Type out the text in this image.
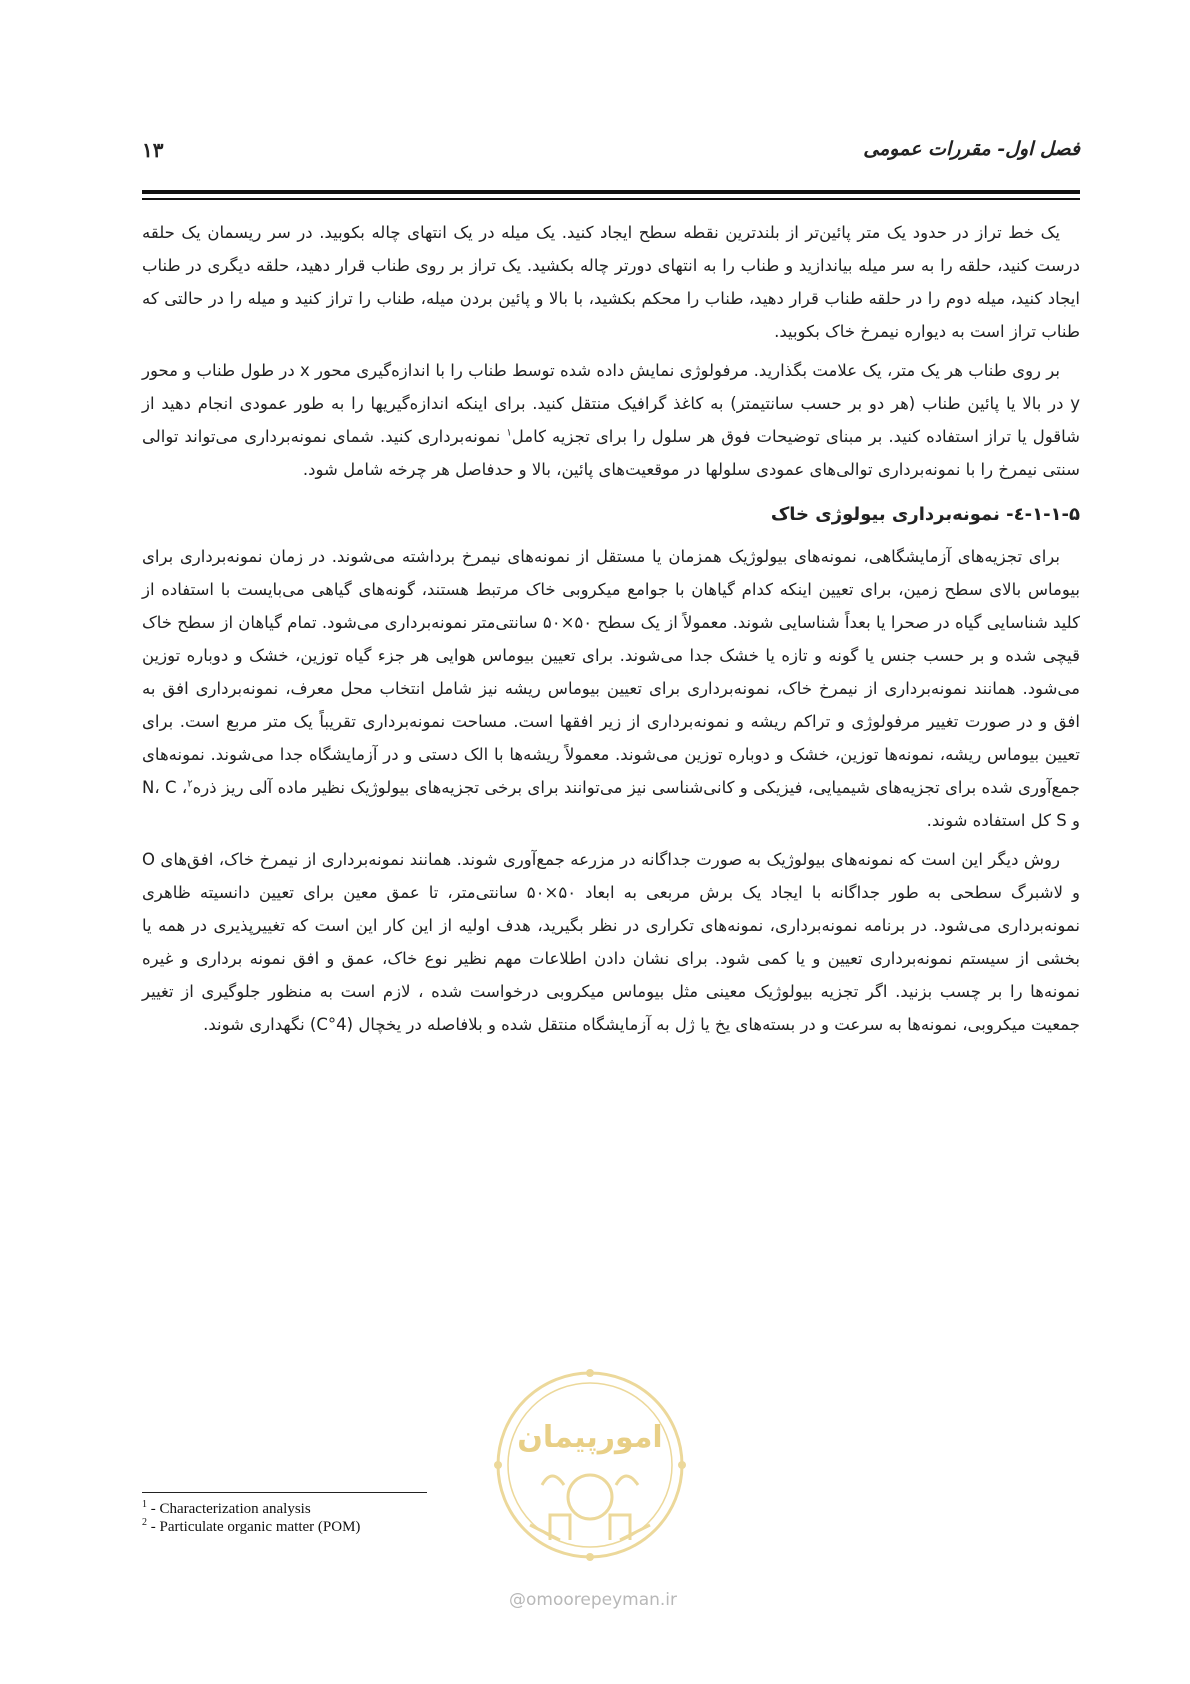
فصل اول- مقررات عمومی
۱۳

یک خط تراز در حدود یک متر پائین‌تر از بلندترین نقطه سطح ایجاد کنید. یک میله در یک انتهای چاله بکوبید. در سر ریسمان یک حلقه درست کنید، حلقه را به سر میله بیاندازید و طناب را به انتهای دورتر چاله بکشید. یک تراز بر روی طناب قرار دهید، حلقه دیگری در طناب ایجاد کنید، میله دوم را در حلقه طناب قرار دهید، طناب را محکم بکشید، با بالا و پائین بردن میله، طناب را تراز کنید و میله را در حالتی که طناب تراز است به دیواره نیمرخ خاک بکوبید.

بر روی طناب هر یک متر، یک علامت بگذارید. مرفولوژی نمایش داده شده توسط طناب را با اندازه‌گیری محور x در طول طناب و محور y در بالا یا پائین طناب (هر دو بر حسب سانتیمتر) به کاغذ گرافیک منتقل کنید. برای اینکه اندازه‌گیریها را به طور عمودی انجام دهید از شاقول یا تراز استفاده کنید. بر مبنای توضیحات فوق هر سلول را برای تجزیه کامل$^۱$ نمونه‌برداری کنید. شمای نمونه‌برداری می‌تواند توالی سنتی نیمرخ را با نمونه‌برداری توالی‌های عمودی سلولها در موقعیت‌های پائین، بالا و حدفاصل هر چرخه شامل شود.

۱-۱-۵-٤- نمونه‌برداری بیولوژی خاک

برای تجزیه‌های آزمایشگاهی، نمونه‌های بیولوژیک همزمان یا مستقل از نمونه‌های نیمرخ برداشته می‌شوند. در زمان نمونه‌برداری برای بیوماس بالای سطح زمین، برای تعیین اینکه کدام گیاهان با جوامع میکروبی خاک مرتبط هستند، گونه‌های گیاهی می‌بایست با استفاده از کلید شناسایی گیاه در صحرا یا بعداً شناسایی شوند. معمولاً از یک سطح ۵۰×۵۰ سانتی‌متر نمونه‌برداری می‌شود. تمام گیاهان از سطح خاک قیچی شده و بر حسب جنس یا گونه و تازه یا خشک جدا می‌شوند. برای تعیین بیوماس هوایی هر جزء گیاه توزین، خشک و دوباره توزین می‌شود. همانند نمونه‌برداری از نیمرخ خاک، نمونه‌برداری برای تعیین بیوماس ریشه نیز شامل انتخاب محل معرف، نمونه‌برداری افق به افق و در صورت تغییر مرفولوژی و تراکم ریشه و نمونه‌برداری از زیر افقها است. مساحت نمونه‌برداری تقریباً یک متر مربع است. برای تعیین بیوماس ریشه، نمونه‌ها توزین، خشک و دوباره توزین می‌شوند. معمولاً ریشه‌ها با الک دستی و در آزمایشگاه جدا می‌شوند. نمونه‌های جمع‌آوری شده برای تجزیه‌های شیمیایی، فیزیکی و کانی‌شناسی نیز می‌توانند برای برخی تجزیه‌های بیولوژیک نظیر ماده آلی ریز ذره$^۲$، N، C و S کل استفاده شوند.

روش دیگر این است که نمونه‌های بیولوژیک به صورت جداگانه در مزرعه جمع‌آوری شوند. همانند نمونه‌برداری از نیمرخ خاک، افق‌های O و لاشبرگ سطحی به طور جداگانه با ایجاد یک برش مربعی به ابعاد ۵۰×۵۰ سانتی‌متر، تا عمق معین برای تعیین دانسیته ظاهری نمونه‌برداری می‌شود. در برنامه نمونه‌برداری، نمونه‌های تکراری در نظر بگیرید، هدف اولیه از این کار این است که تغییرپذیری در همه یا بخشی از سیستم نمونه‌برداری تعیین و یا کمی شود. برای نشان دادن اطلاعات مهم نظیر نوع خاک، عمق و افق نمونه برداری و غیره نمونه‌ها را بر چسب بزنید. اگر تجزیه بیولوژیک معینی مثل بیوماس میکروبی درخواست شده ، لازم است به منظور جلوگیری از تغییر جمعیت میکروبی، نمونه‌ها به سرعت و در بسته‌های یخ یا ژل به آزمایشگاه منتقل شده و بلافاصله در یخچال (4°C) نگهداری شوند.

امورپیمان
@omoorepeyman.ir
$^1$ - Characterization analysis
$^2$ - Particulate organic matter (POM)
